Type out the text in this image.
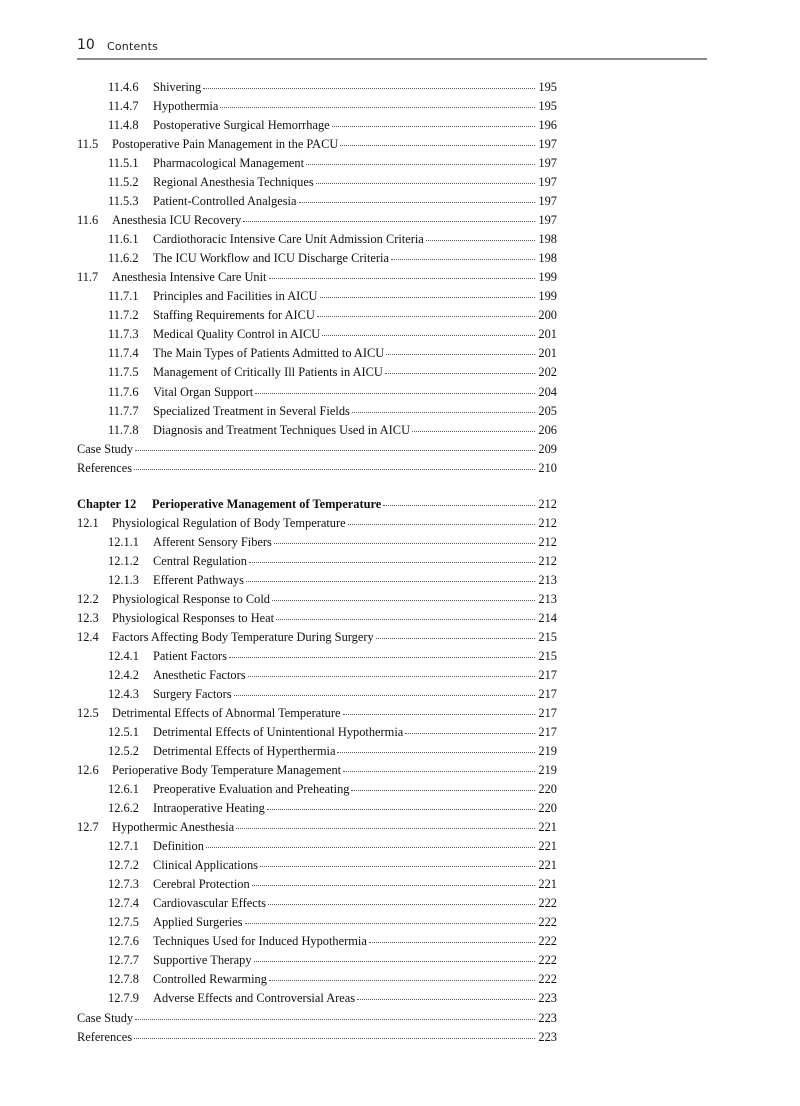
10 Contents
11.4.6	Shivering	195
11.4.7	Hypothermia	195
11.4.8	Postoperative Surgical Hemorrhage	196
11.5	Postoperative Pain Management in the PACU	197
11.5.1	Pharmacological Management	197
11.5.2	Regional Anesthesia Techniques	197
11.5.3	Patient-Controlled Analgesia	197
11.6	Anesthesia ICU Recovery	197
11.6.1	Cardiothoracic Intensive Care Unit Admission Criteria	198
11.6.2	The ICU Workflow and ICU Discharge Criteria	198
11.7	Anesthesia Intensive Care Unit	199
11.7.1	Principles and Facilities in AICU	199
11.7.2	Staffing Requirements for AICU	200
11.7.3	Medical Quality Control in AICU	201
11.7.4	The Main Types of Patients Admitted to AICU	201
11.7.5	Management of Critically Ill Patients in AICU	202
11.7.6	Vital Organ Support	204
11.7.7	Specialized Treatment in Several Fields	205
11.7.8	Diagnosis and Treatment Techniques Used in AICU	206
Case Study	209
References	210
Chapter 12	Perioperative Management of Temperature	212
12.1	Physiological Regulation of Body Temperature	212
12.1.1	Afferent Sensory Fibers	212
12.1.2	Central Regulation	212
12.1.3	Efferent Pathways	213
12.2	Physiological Response to Cold	213
12.3	Physiological Responses to Heat	214
12.4	Factors Affecting Body Temperature During Surgery	215
12.4.1	Patient Factors	215
12.4.2	Anesthetic Factors	217
12.4.3	Surgery Factors	217
12.5	Detrimental Effects of Abnormal Temperature	217
12.5.1	Detrimental Effects of Unintentional Hypothermia	217
12.5.2	Detrimental Effects of Hyperthermia	219
12.6	Perioperative Body Temperature Management	219
12.6.1	Preoperative Evaluation and Preheating	220
12.6.2	Intraoperative Heating	220
12.7	Hypothermic Anesthesia	221
12.7.1	Definition	221
12.7.2	Clinical Applications	221
12.7.3	Cerebral Protection	221
12.7.4	Cardiovascular Effects	222
12.7.5	Applied Surgeries	222
12.7.6	Techniques Used for Induced Hypothermia	222
12.7.7	Supportive Therapy	222
12.7.8	Controlled Rewarming	222
12.7.9	Adverse Effects and Controversial Areas	223
Case Study	223
References	223
